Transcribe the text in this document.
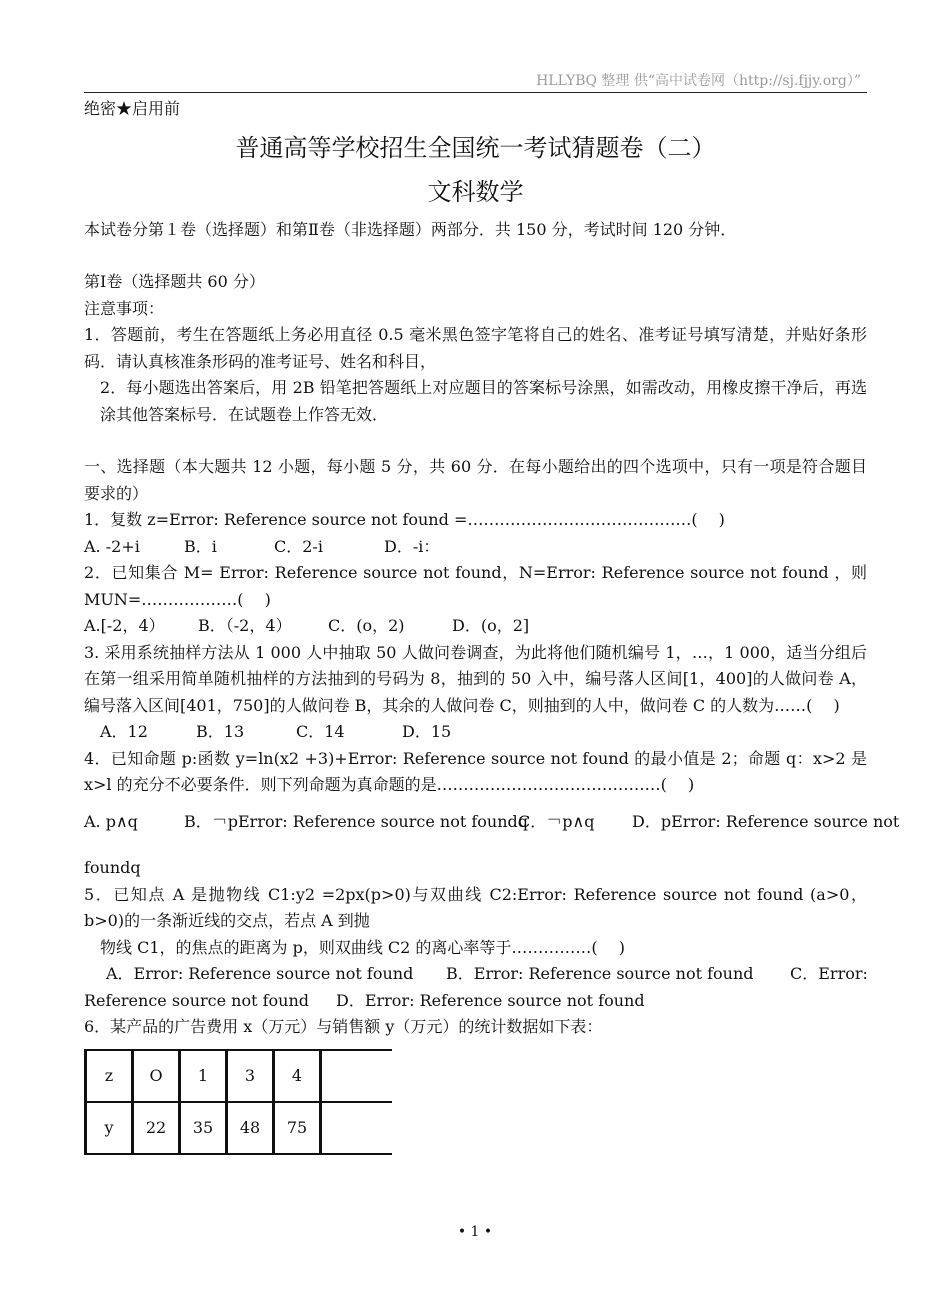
HLLYBQ 整理 供“高中试卷网（http://sj.fjjy.org）”
绝密★启用前
普通高等学校招生全国统一考试猜题卷（二）
文科数学
本试卷分第１卷（选择题）和第Ⅱ卷（非选择题）两部分．共 150 分，考试时间 120 分钟．
第Ⅰ卷（选择题共 60 分）
注意事项：
1．答题前，考生在答题纸上务必用直径 0.5 毫米黑色签字笔将自己的姓名、准考证号填写清楚，并贴好条形码．请认真核准条形码的准考证号、姓名和科目，
2．每小题选出答案后，用 2B 铅笔把答题纸上对应题目的答案标号涂黑，如需改动，用橡皮擦干净后，再选涂其他答案标号．在试题卷上作答无效．
一、选择题（本大题共 12 小题，每小题 5 分，共 60 分．在每小题给出的四个选项中，只有一项是符合题目要求的）
1．复数 z=Error: Reference source not found =……………………………………(　 )
A. -2+i	B．i	C．2-i	D．-i：
2．已知集合 M= Error: Reference source not found，N=Error: Reference source not found ，则 MUN=………………(　 )
A.[-2，4） B．（-2，4） C．(o，2)	D．(o，2]
3. 采用系统抽样方法从 1 000 人中抽取 50 人做问卷调查，为此将他们随机编号 1，…，1 000，适当分组后在第一组采用简单随机抽样的方法抽到的号码为 8，抽到的 50 入中，编号落人区间[1，400]的人做问卷 A，编号落入区间[401，750]的人做问卷 B，其余的人做问卷 C，则抽到的人中，做问卷 C 的人数为……(　 )
A．12	B．13	C．14	D．15
4．已知命题 p:函数 y=ln(x2 +3)+Error: Reference source not found 的最小值是 2；命题 q：x>2 是 x>l 的充分不必要条件．则下列命题为真命题的是……………………………………(　 )
A. p∧q	B．￢pError: Reference source not foundqC．￢p∧q D．pError: Reference source not
foundq
5．已知点 A 是抛物线 C1:y2 =2px(p>0)与双曲线 C2:Error: Reference source not found (a>0，b>0)的一条渐近线的交点，若点 A 到抛
物线 C1，的焦点的距离为 p，则双曲线 C2 的离心率等于……………(　 )
A．Error: Reference source not found B．Error: Reference source not found C．Error:
Reference source not found D．Error: Reference source not found
6．某产品的广告费用 x（万元）与销售额 y（万元）的统计数据如下表：
z	O	1	3	4	
y	22	35	48	75	
• 1 •
